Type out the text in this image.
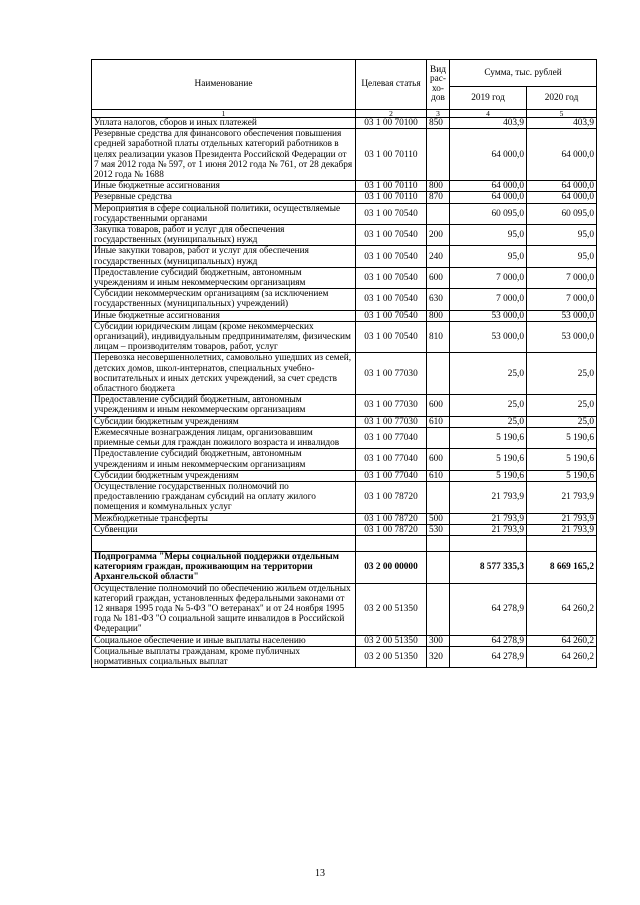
Наименование	Целевая статья	Вид рас-хо-дов	Сумма, тыс. рублей	
			2019 год	2020 год
1	2	3	4	5
Уплата налогов, сборов и иных платежей	03 1 00 70100	850	403,9	403,9
Резервные средства для финансового обеспечения повышения средней заработной платы отдельных категорий работников в целях реализации указов Президента Российской Федерации от 7 мая 2012 года № 597, от 1 июня 2012 года № 761, от 28 декабря 2012 года № 1688	03 1 00 70110		64 000,0	64 000,0
Иные бюджетные ассигнования	03 1 00 70110	800	64 000,0	64 000,0
Резервные средства	03 1 00 70110	870	64 000,0	64 000,0
Мероприятия в сфере социальной политики, осуществляемые государственными органами	03 1 00 70540		60 095,0	60 095,0
Закупка товаров, работ и услуг для обеспечения государственных (муниципальных) нужд	03 1 00 70540	200	95,0	95,0
Иные закупки товаров, работ и услуг для обеспечения государственных (муниципальных) нужд	03 1 00 70540	240	95,0	95,0
Предоставление субсидий бюджетным, автономным учреждениям и иным некоммерческим организациям	03 1 00 70540	600	7 000,0	7 000,0
Субсидии некоммерческим организациям (за исключением государственных (муниципальных) учреждений)	03 1 00 70540	630	7 000,0	7 000,0
Иные бюджетные ассигнования	03 1 00 70540	800	53 000,0	53 000,0
Субсидии юридическим лицам (кроме некоммерческих организаций), индивидуальным предпринимателям, физическим лицам – производителям товаров, работ, услуг	03 1 00 70540	810	53 000,0	53 000,0
Перевозка несовершеннолетних, самовольно ушедших из семей, детских домов, школ-интернатов, специальных учебно-воспитательных и иных детских учреждений, за счет средств областного бюджета	03 1 00 77030		25,0	25,0
Предоставление субсидий бюджетным, автономным учреждениям и иным некоммерческим организациям	03 1 00 77030	600	25,0	25,0
Субсидии бюджетным учреждениям	03 1 00 77030	610	25,0	25,0
Ежемесячные вознаграждения лицам, организовавшим приемные семьи для граждан пожилого возраста и инвалидов	03 1 00 77040		5 190,6	5 190,6
Предоставление субсидий бюджетным, автономным учреждениям и иным некоммерческим организациям	03 1 00 77040	600	5 190,6	5 190,6
Субсидии бюджетным учреждениям	03 1 00 77040	610	5 190,6	5 190,6
Осуществление государственных полномочий по предоставлению гражданам субсидий на оплату жилого помещения и коммунальных услуг	03 1 00 78720		21 793,9	21 793,9
Межбюджетные трансферты	03 1 00 78720	500	21 793,9	21 793,9
Субвенции	03 1 00 78720	530	21 793,9	21 793,9

Подпрограмма "Меры социальной поддержки отдельным категориям граждан, проживающим на территории Архангельской области"	03 2 00 00000		8 577 335,3	8 669 165,2
Осуществление полномочий по обеспечению жильем отдельных категорий граждан, установленных федеральными законами от 12 января 1995 года № 5-ФЗ "О ветеранах" и от 24 ноября 1995 года № 181-ФЗ "О социальной защите инвалидов в Российской Федерации"	03 2 00 51350		64 278,9	64 260,2
Социальное обеспечение и иные выплаты населению	03 2 00 51350	300	64 278,9	64 260,2
Социальные выплаты гражданам, кроме публичных нормативных социальных выплат	03 2 00 51350	320	64 278,9	64 260,2
13
